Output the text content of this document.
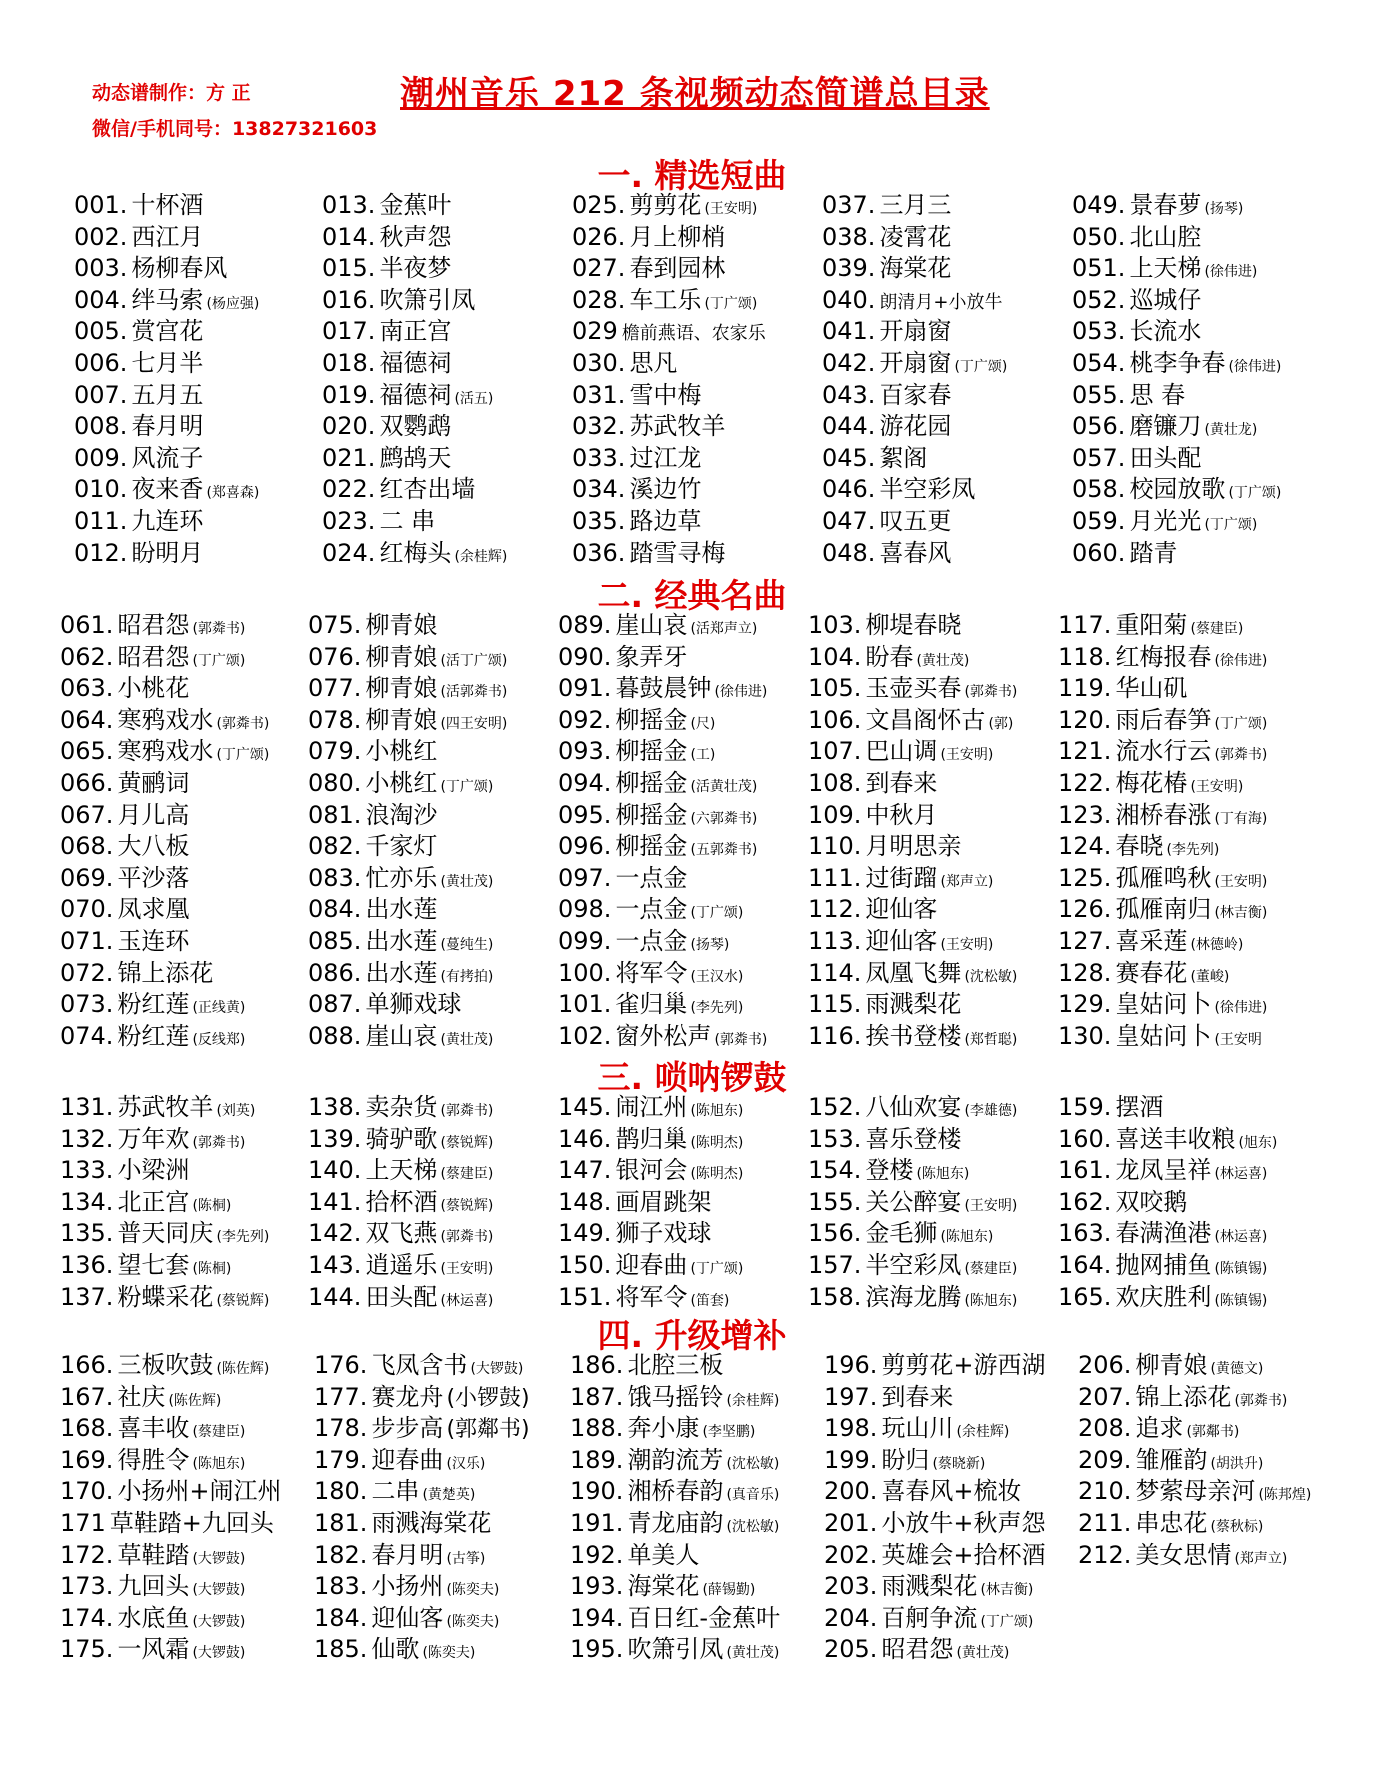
动态谱制作：方 正
微信/手机同号：13827321603
潮州音乐 212 条视频动态简谱总目录
一. 精选短曲
001. 十杯酒
002. 西江月
003. 杨柳春风
004. 绊马索 (杨应强)
005. 赏宫花
006. 七月半
007. 五月五
008. 春月明
009. 风流子
010. 夜来香 (郑喜森)
011. 九连环
012. 盼明月
013. 金蕉叶
014. 秋声怨
015. 半夜梦
016. 吹箫引凤
017. 南正宫
018. 福德祠
019. 福德祠 (活五)
020. 双鹦鹉
021. 鹧鸪天
022. 红杏出墙
023. 二 串
024. 红梅头 (余桂辉)
025. 剪剪花 (王安明)
026. 月上柳梢
027. 春到园林
028. 车工乐 (丁广颂)
029 檐前燕语、农家乐
030. 思凡
031. 雪中梅
032. 苏武牧羊
033. 过江龙
034. 溪边竹
035. 路边草
036. 踏雪寻梅
037. 三月三
038. 凌霄花
039. 海棠花
040. 朗清月+小放牛
041. 开扇窗
042. 开扇窗 (丁广颂)
043. 百家春
044. 游花园
045. 絮阁
046. 半空彩凤
047. 叹五更
048. 喜春风
049. 景春萝 (扬琴)
050. 北山腔
051. 上天梯 (徐伟进)
052. 巡城仔
053. 长流水
054. 桃李争春 (徐伟进)
055. 思 春
056. 磨镰刀 (黄壮龙)
057. 田头配
058. 校园放歌 (丁广颂)
059. 月光光 (丁广颂)
060. 踏青
二. 经典名曲
061. 昭君怨 (郭粦书)
062. 昭君怨 (丁广颂)
063. 小桃花
064. 寒鸦戏水 (郭粦书)
065. 寒鸦戏水 (丁广颂)
066. 黄鹂词
067. 月儿高
068. 大八板
069. 平沙落
070. 凤求凰
071. 玉连环
072. 锦上添花
073. 粉红莲 (正线黄)
074. 粉红莲 (反线郑)
075. 柳青娘
076. 柳青娘 (活丁广颂)
077. 柳青娘 (活郭粦书)
078. 柳青娘 (四王安明)
079. 小桃红
080. 小桃红 (丁广颂)
081. 浪淘沙
082. 千家灯
083. 忙亦乐 (黄壮茂)
084. 出水莲
085. 出水莲 (蔓纯生)
086. 出水莲 (有拷拍)
087. 单狮戏球
088. 崖山哀 (黄壮茂)
089. 崖山哀 (活郑声立)
090. 象弄牙
091. 暮鼓晨钟 (徐伟进)
092. 柳摇金 (尺)
093. 柳摇金 (工)
094. 柳摇金 (活黄壮茂)
095. 柳摇金 (六郭粦书)
096. 柳摇金 (五郭粦书)
097. 一点金
098. 一点金 (丁广颂)
099. 一点金 (扬琴)
100. 将军令 (王汉水)
101. 雀归巢 (李先列)
102. 窗外松声 (郭粦书)
103. 柳堤春晓
104. 盼春 (黄壮茂)
105. 玉壶买春 (郭粦书)
106. 文昌阁怀古 (郭)
107. 巴山调 (王安明)
108. 到春来
109. 中秋月
110. 月明思亲
111. 过街蹓 (郑声立)
112. 迎仙客
113. 迎仙客 (王安明)
114. 凤凰飞舞 (沈松敏)
115. 雨溅梨花
116. 挨书登楼 (郑哲聪)
117. 重阳菊 (蔡建臣)
118. 红梅报春 (徐伟进)
119. 华山矶
120. 雨后春笋 (丁广颂)
121. 流水行云 (郭粦书)
122. 梅花椿 (王安明)
123. 湘桥春涨 (丁有海)
124. 春晓 (李先列)
125. 孤雁鸣秋 (王安明)
126. 孤雁南归 (林吉衡)
127. 喜采莲 (林德岭)
128. 赛春花 (董峻)
129. 皇姑问卜 (徐伟进)
130. 皇姑问卜 (王安明
三. 唢呐锣鼓
131. 苏武牧羊 (刘英)
132. 万年欢 (郭粦书)
133. 小梁洲
134. 北正宫 (陈桐)
135. 普天同庆 (李先列)
136. 望七套 (陈桐)
137. 粉蝶采花 (蔡锐辉)
138. 卖杂货 (郭粦书)
139. 骑驴歌 (蔡锐辉)
140. 上天梯 (蔡建臣)
141. 拾杯酒 (蔡锐辉)
142. 双飞燕 (郭粦书)
143. 逍遥乐 (王安明)
144. 田头配 (林运喜)
145. 闹江州 (陈旭东)
146. 鹊归巢 (陈明杰)
147. 银河会 (陈明杰)
148. 画眉跳架
149. 狮子戏球
150. 迎春曲 (丁广颂)
151. 将军令 (笛套)
152. 八仙欢宴 (李雄德)
153. 喜乐登楼
154. 登楼 (陈旭东)
155. 关公醉宴 (王安明)
156. 金毛狮 (陈旭东)
157. 半空彩凤 (蔡建臣)
158. 滨海龙腾 (陈旭东)
159. 摆酒
160. 喜送丰收粮 (旭东)
161. 龙凤呈祥 (林运喜)
162. 双咬鹅
163. 春满渔港 (林运喜)
164. 抛网捕鱼 (陈镇锡)
165. 欢庆胜利 (陈镇锡)
四. 升级增补
166. 三板吹鼓 (陈佐辉)
167. 社庆 (陈佐辉)
168. 喜丰收 (蔡建臣)
169. 得胜令 (陈旭东)
170. 小扬州+闹江州
171 草鞋踏+九回头
172. 草鞋踏 (大锣鼓)
173. 九回头 (大锣鼓)
174. 水底鱼 (大锣鼓)
175. 一风霜 (大锣鼓)
176. 飞凤含书 (大锣鼓)
177. 赛龙舟 (小锣鼓)
178. 步步高 (郭鄰书)
179. 迎春曲 (汉乐)
180. 二串 (黄楚英)
181. 雨溅海棠花
182. 春月明 (古筝)
183. 小扬州 (陈奕夫)
184. 迎仙客 (陈奕夫)
185. 仙歌 (陈奕夫)
186. 北腔三板
187. 饿马摇铃 (余桂辉)
188. 奔小康 (李坚鹏)
189. 潮韵流芳 (沈松敏)
190. 湘桥春韵 (真音乐)
191. 青龙庙韵 (沈松敏)
192. 单美人
193. 海棠花 (薛锡勤)
194. 百日红-金蕉叶
195. 吹箫引凤 (黄壮茂)
196. 剪剪花+游西湖
197. 到春来
198. 玩山川 (余桂辉)
199. 盼归 (蔡晓新)
200. 喜春风+梳妆
201. 小放牛+秋声怨
202. 英雄会+拾杯酒
203. 雨溅梨花 (林吉衡)
204. 百舸争流 (丁广颂)
205. 昭君怨 (黄壮茂)
206. 柳青娘 (黄德文)
207. 锦上添花 (郭粦书)
208. 追求 (郭鄰书)
209. 雏雁韵 (胡洪升)
210. 梦萦母亲河 (陈邦煌)
211. 串忠花 (蔡秋标)
212. 美女思情 (郑声立)
